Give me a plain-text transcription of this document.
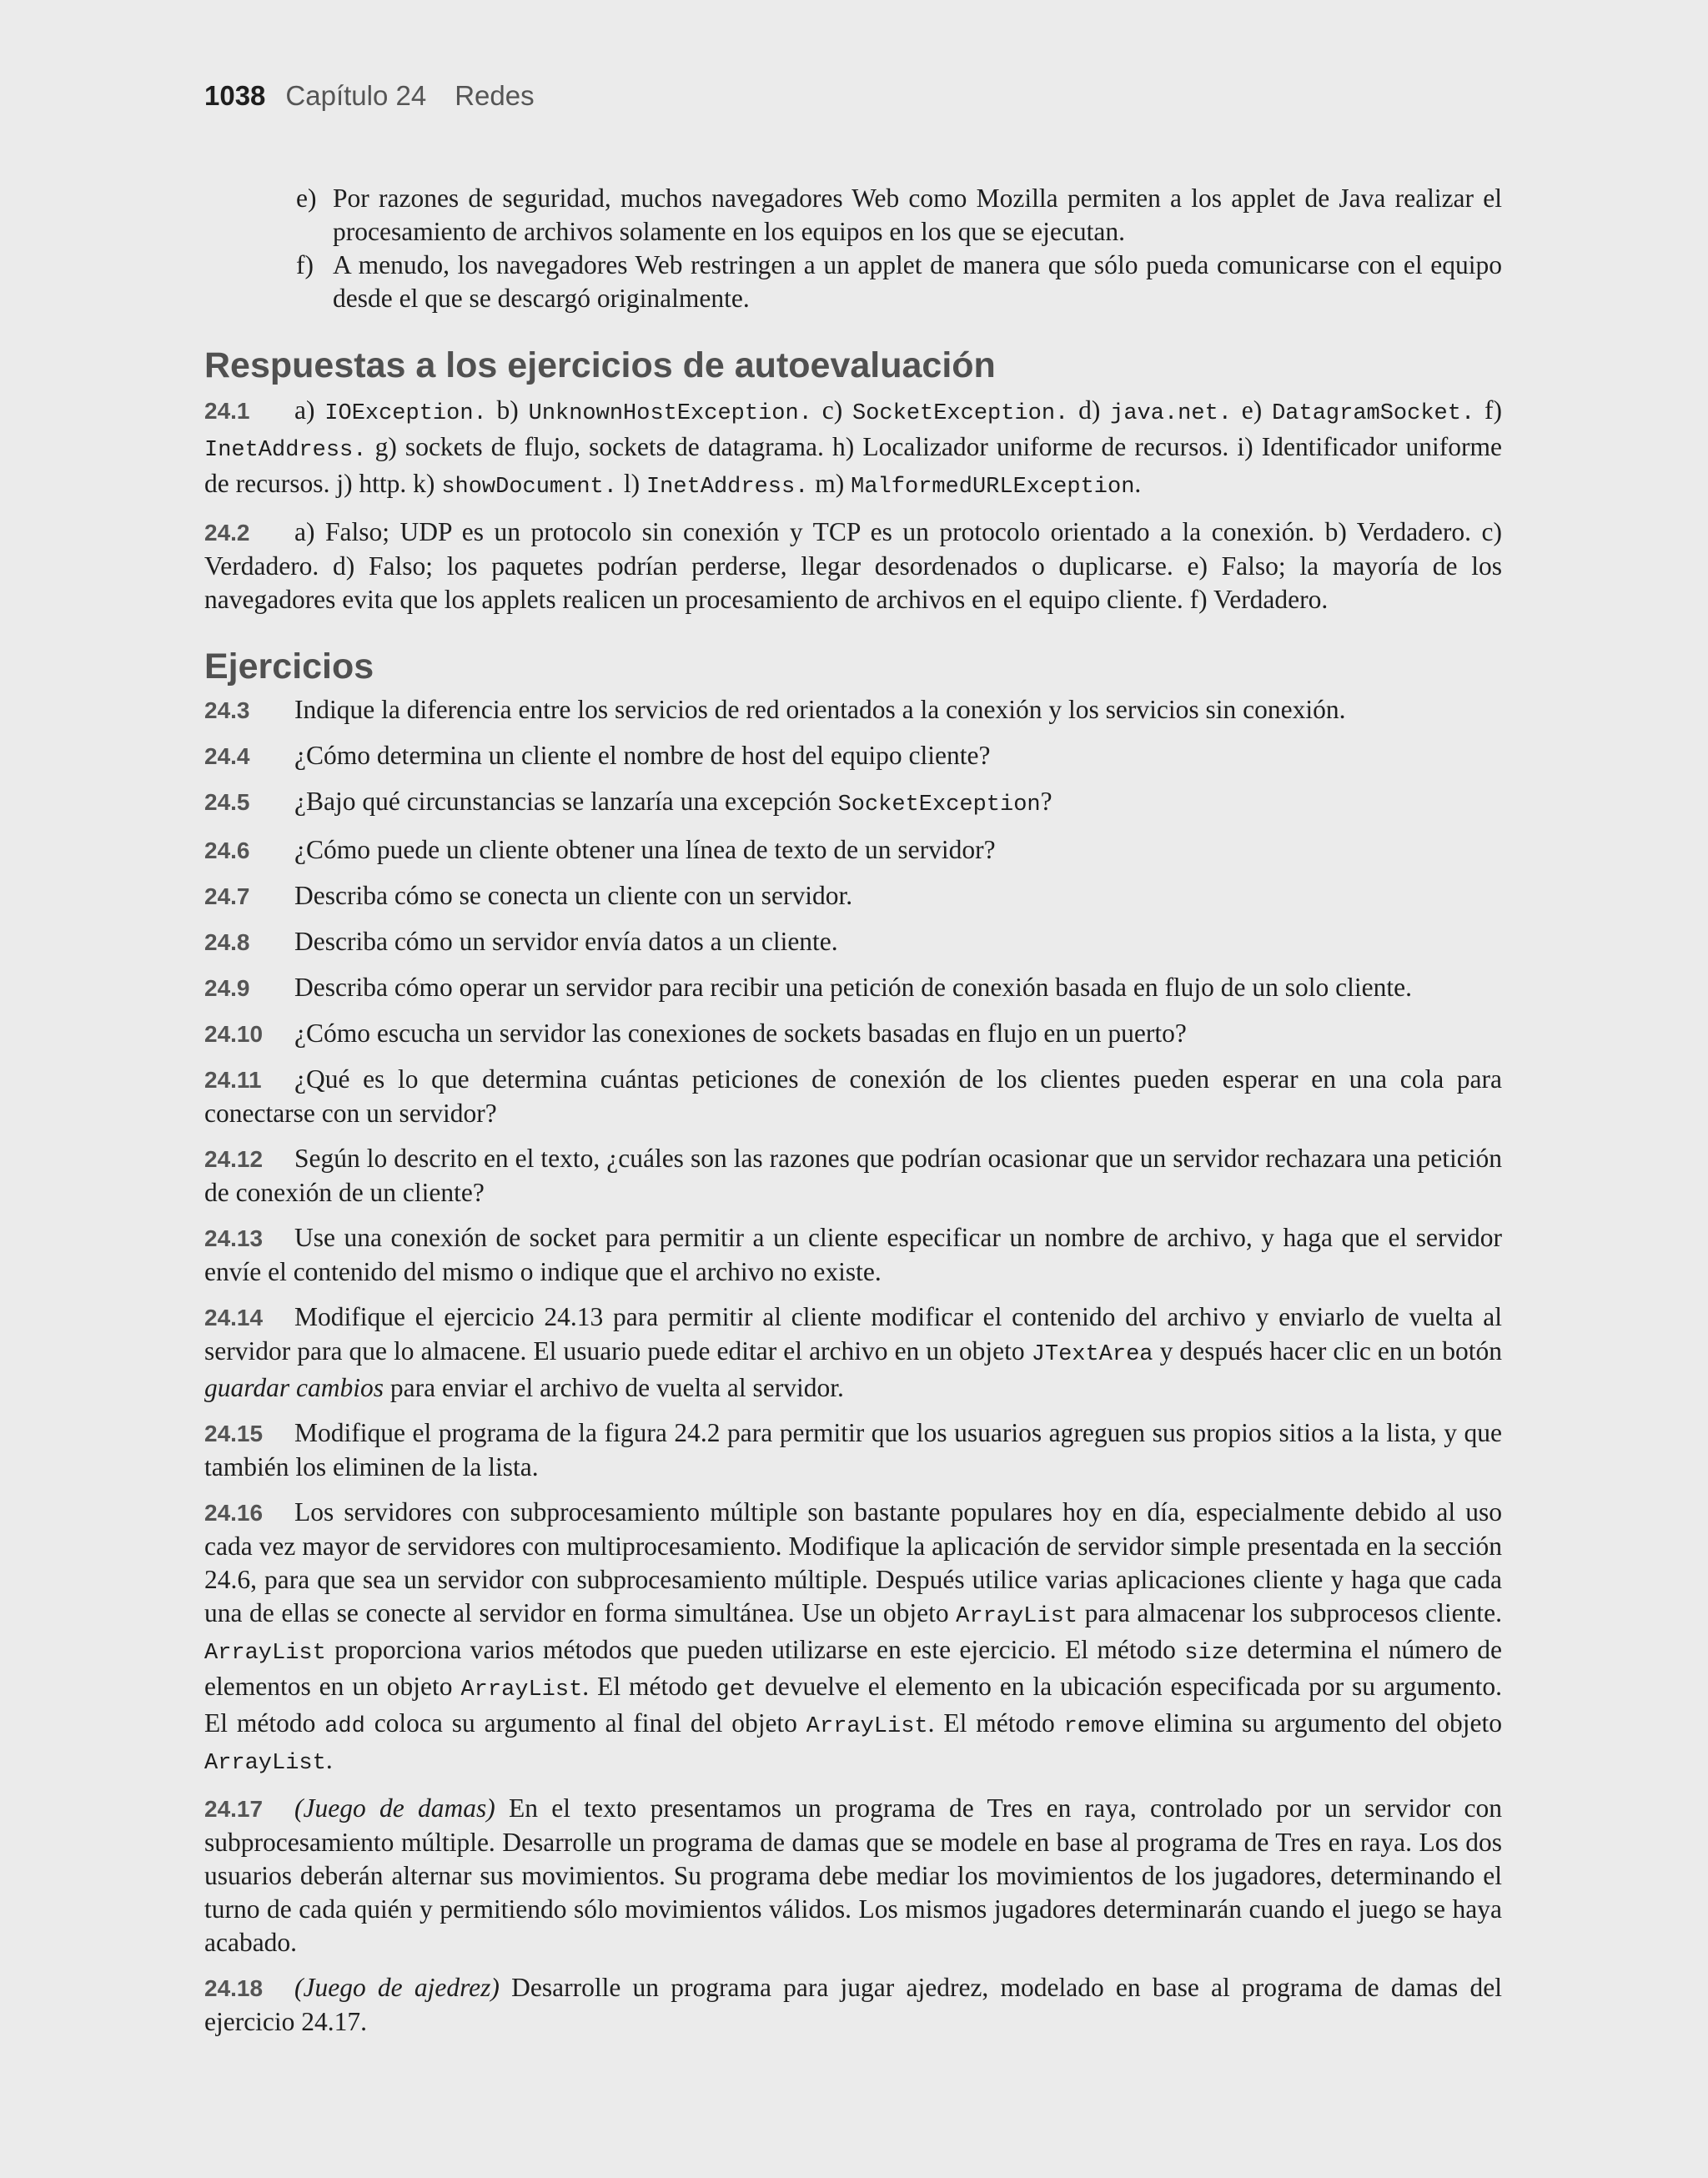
1038 Capítulo 24 Redes
e) Por razones de seguridad, muchos navegadores Web como Mozilla permiten a los applet de Java realizar el procesamiento de archivos solamente en los equipos en los que se ejecutan.
f) A menudo, los navegadores Web restringen a un applet de manera que sólo pueda comunicarse con el equipo desde el que se descargó originalmente.
Respuestas a los ejercicios de autoevaluación

24.1 a) IOException. b) UnknownHostException. c) SocketException. d) java.net. e) DatagramSocket. f) InetAddress. g) sockets de flujo, sockets de datagrama. h) Localizador uniforme de recursos. i) Identificador uniforme de recursos. j) http. k) showDocument. l) InetAddress. m) MalformedURLException.

24.2 a) Falso; UDP es un protocolo sin conexión y TCP es un protocolo orientado a la conexión. b) Verdadero. c) Verdadero. d) Falso; los paquetes podrían perderse, llegar desordenados o duplicarse. e) Falso; la mayoría de los navegadores evita que los applets realicen un procesamiento de archivos en el equipo cliente. f) Verdadero.

Ejercicios

24.3 Indique la diferencia entre los servicios de red orientados a la conexión y los servicios sin conexión.

24.4 ¿Cómo determina un cliente el nombre de host del equipo cliente?

24.5 ¿Bajo qué circunstancias se lanzaría una excepción SocketException?

24.6 ¿Cómo puede un cliente obtener una línea de texto de un servidor?

24.7 Describa cómo se conecta un cliente con un servidor.

24.8 Describa cómo un servidor envía datos a un cliente.

24.9 Describa cómo operar un servidor para recibir una petición de conexión basada en flujo de un solo cliente.

24.10 ¿Cómo escucha un servidor las conexiones de sockets basadas en flujo en un puerto?

24.11 ¿Qué es lo que determina cuántas peticiones de conexión de los clientes pueden esperar en una cola para conectarse con un servidor?

24.12 Según lo descrito en el texto, ¿cuáles son las razones que podrían ocasionar que un servidor rechazara una petición de conexión de un cliente?

24.13 Use una conexión de socket para permitir a un cliente especificar un nombre de archivo, y haga que el servidor envíe el contenido del mismo o indique que el archivo no existe.

24.14 Modifique el ejercicio 24.13 para permitir al cliente modificar el contenido del archivo y enviarlo de vuelta al servidor para que lo almacene. El usuario puede editar el archivo en un objeto JTextArea y después hacer clic en un botón guardar cambios para enviar el archivo de vuelta al servidor.

24.15 Modifique el programa de la figura 24.2 para permitir que los usuarios agreguen sus propios sitios a la lista, y que también los eliminen de la lista.

24.16 Los servidores con subprocesamiento múltiple son bastante populares hoy en día, especialmente debido al uso cada vez mayor de servidores con multiprocesamiento. Modifique la aplicación de servidor simple presentada en la sección 24.6, para que sea un servidor con subprocesamiento múltiple. Después utilice varias aplicaciones cliente y haga que cada una de ellas se conecte al servidor en forma simultánea. Use un objeto ArrayList para almacenar los subprocesos cliente. ArrayList proporciona varios métodos que pueden utilizarse en este ejercicio. El método size determina el número de elementos en un objeto ArrayList. El método get devuelve el elemento en la ubicación especificada por su argumento. El método add coloca su argumento al final del objeto ArrayList. El método remove elimina su argumento del objeto ArrayList.

24.17 (Juego de damas) En el texto presentamos un programa de Tres en raya, controlado por un servidor con subprocesamiento múltiple. Desarrolle un programa de damas que se modele en base al programa de Tres en raya. Los dos usuarios deberán alternar sus movimientos. Su programa debe mediar los movimientos de los jugadores, determinando el turno de cada quién y permitiendo sólo movimientos válidos. Los mismos jugadores determinarán cuando el juego se haya acabado.

24.18 (Juego de ajedrez) Desarrolle un programa para jugar ajedrez, modelado en base al programa de damas del ejercicio 24.17.
